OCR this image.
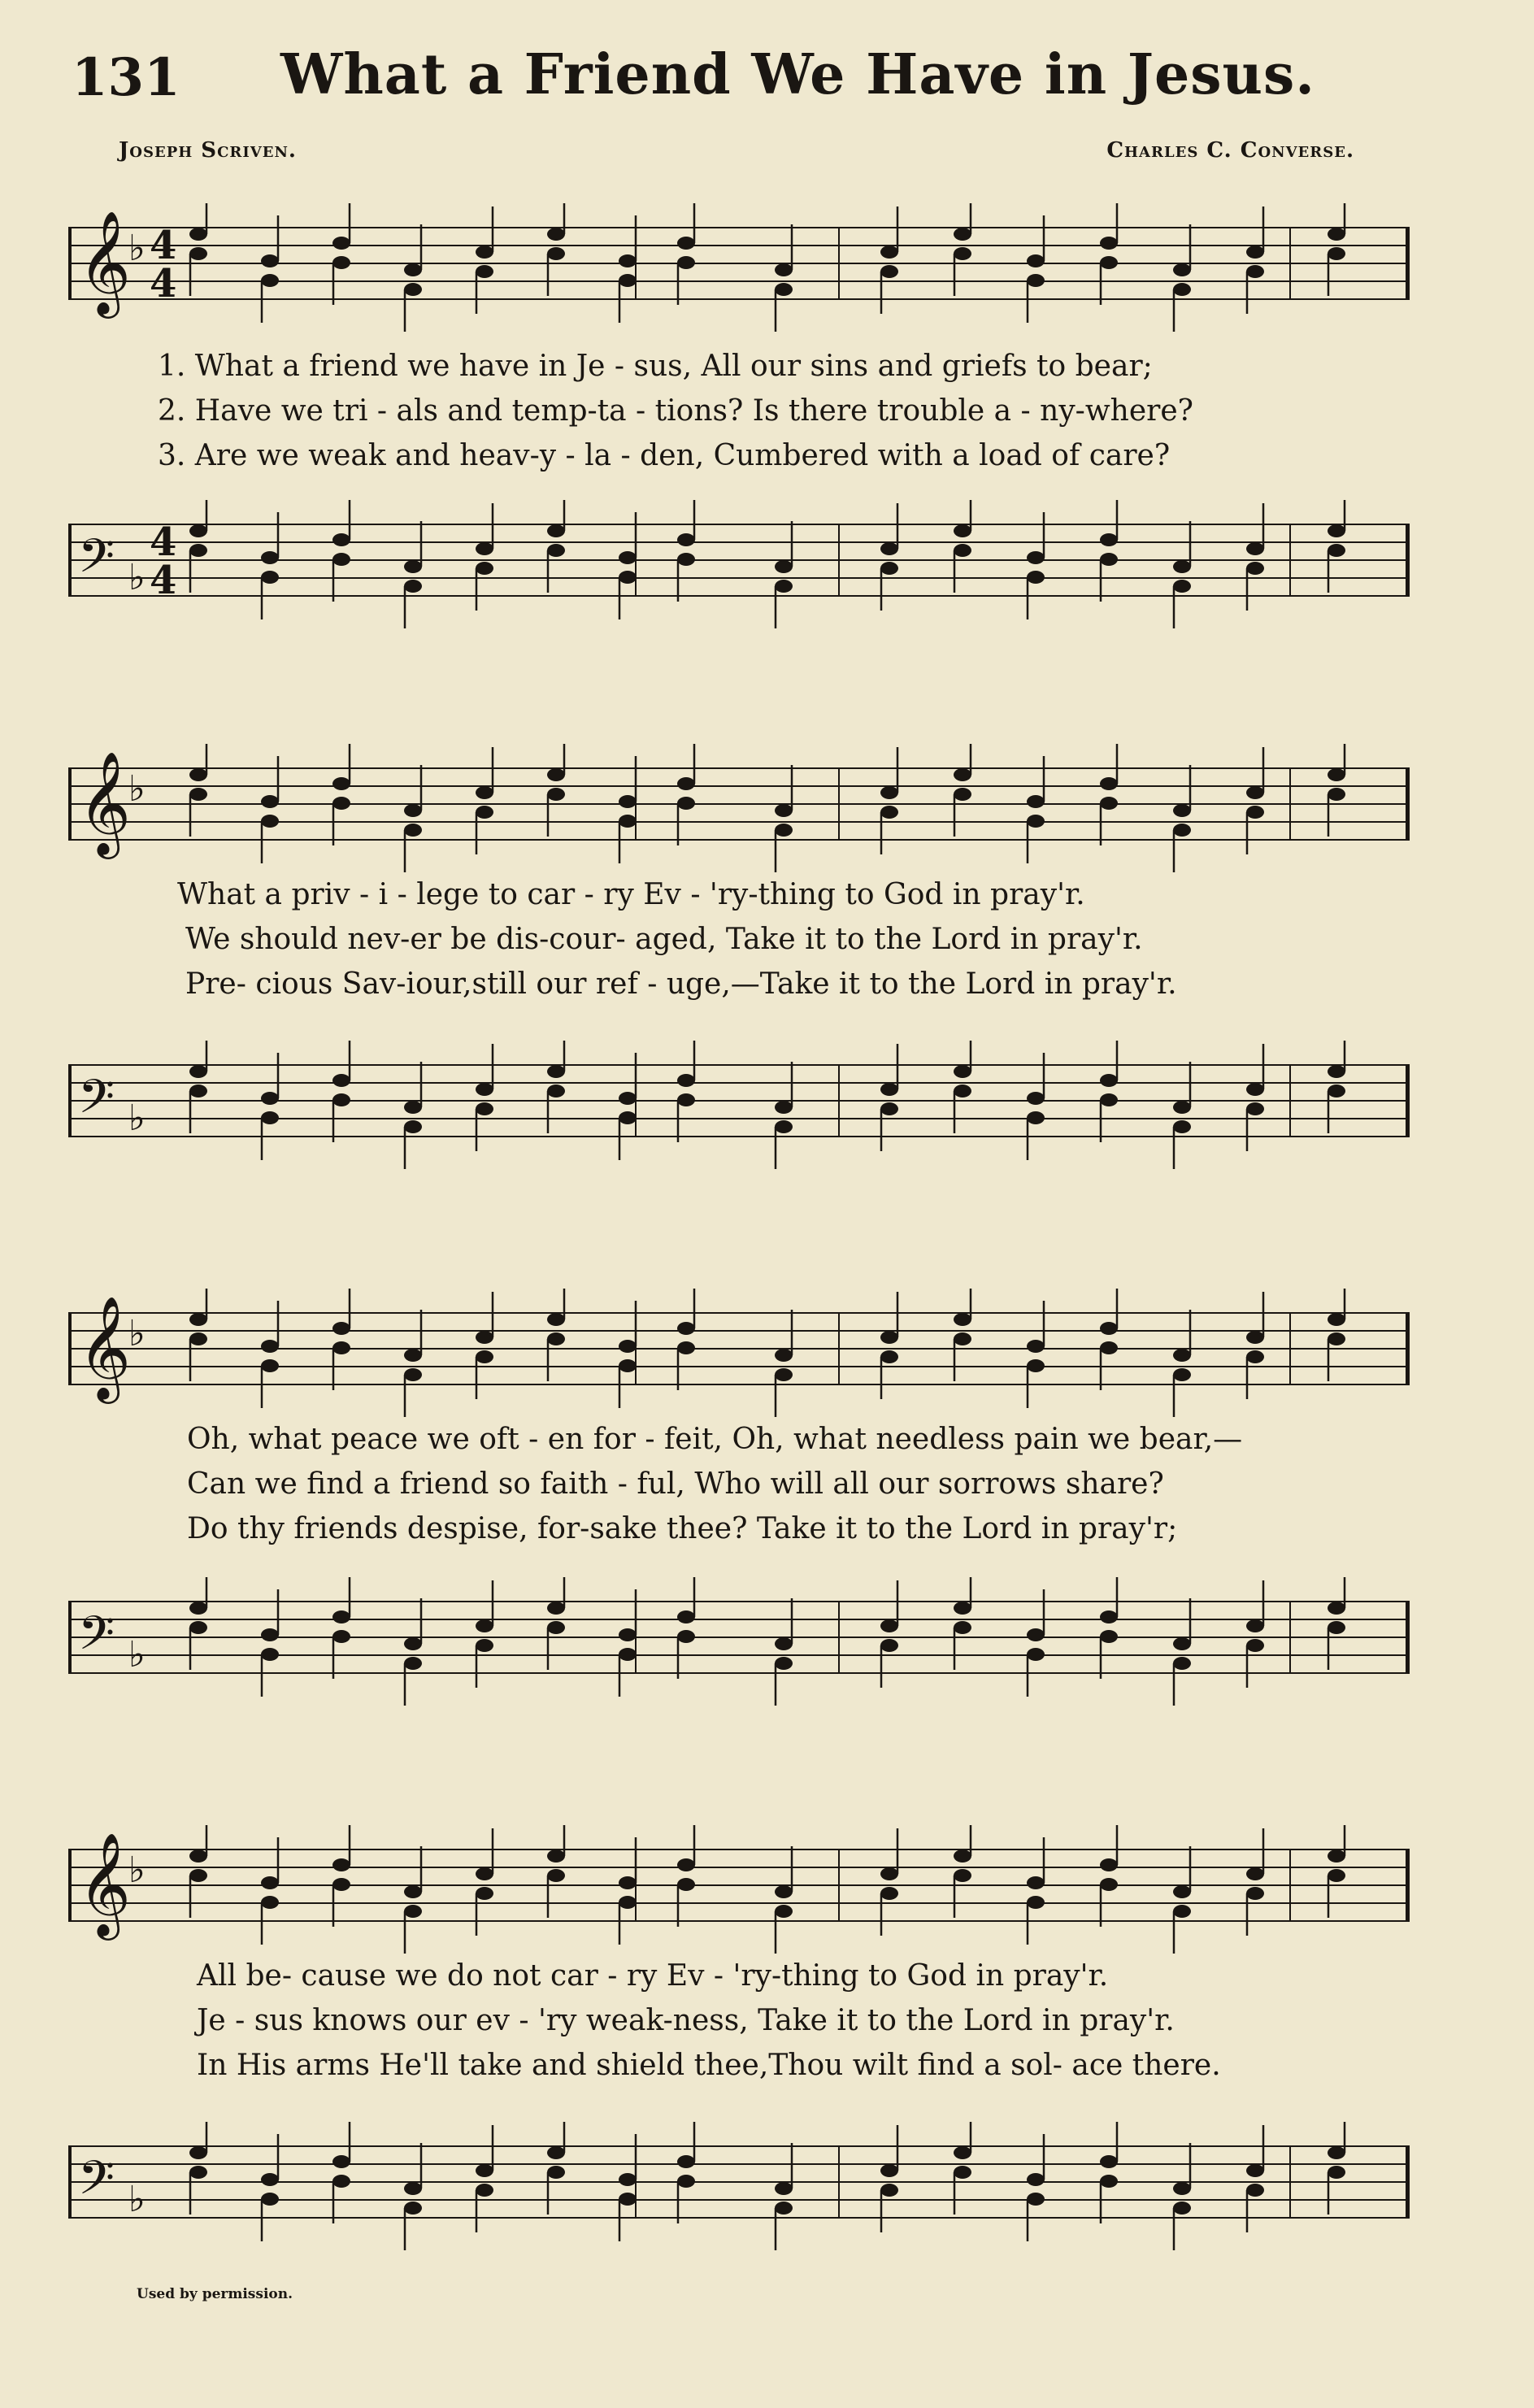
131 What a Friend We Have in Jesus.
Joseph Scriven.	Charles C. Converse.
𝄞
♭ 4
4
1. What a friend we have in Je - sus, All our sins and griefs to bear;
2. Have we tri - als and temp-ta - tions? Is there trouble a - ny-where?
3. Are we weak and heav-y - la - den, Cumbered with a load of care?
𝄢 ♭
4
4
𝄞
♭
What a priv - i - lege to car - ry Ev - 'ry-thing to God in pray'r.
We should nev-er be dis-cour- aged, Take it to the Lord in pray'r.
Pre- cious Sav-iour,still our ref - uge,—Take it to the Lord in pray'r.
𝄢 ♭
𝄞
♭
Oh, what peace we oft - en for - feit, Oh, what needless pain we bear,—
Can we find a friend so faith - ful, Who will all our sorrows share?
Do thy friends despise, for-sake thee? Take it to the Lord in pray'r;
𝄢 ♭
𝄞
♭
All be- cause we do not car - ry Ev - 'ry-thing to God in pray'r.
Je - sus knows our ev - 'ry weak-ness, Take it to the Lord in pray'r.
In His arms He'll take and shield thee,Thou wilt find a sol- ace there.
𝄢 ♭
Used by permission.
